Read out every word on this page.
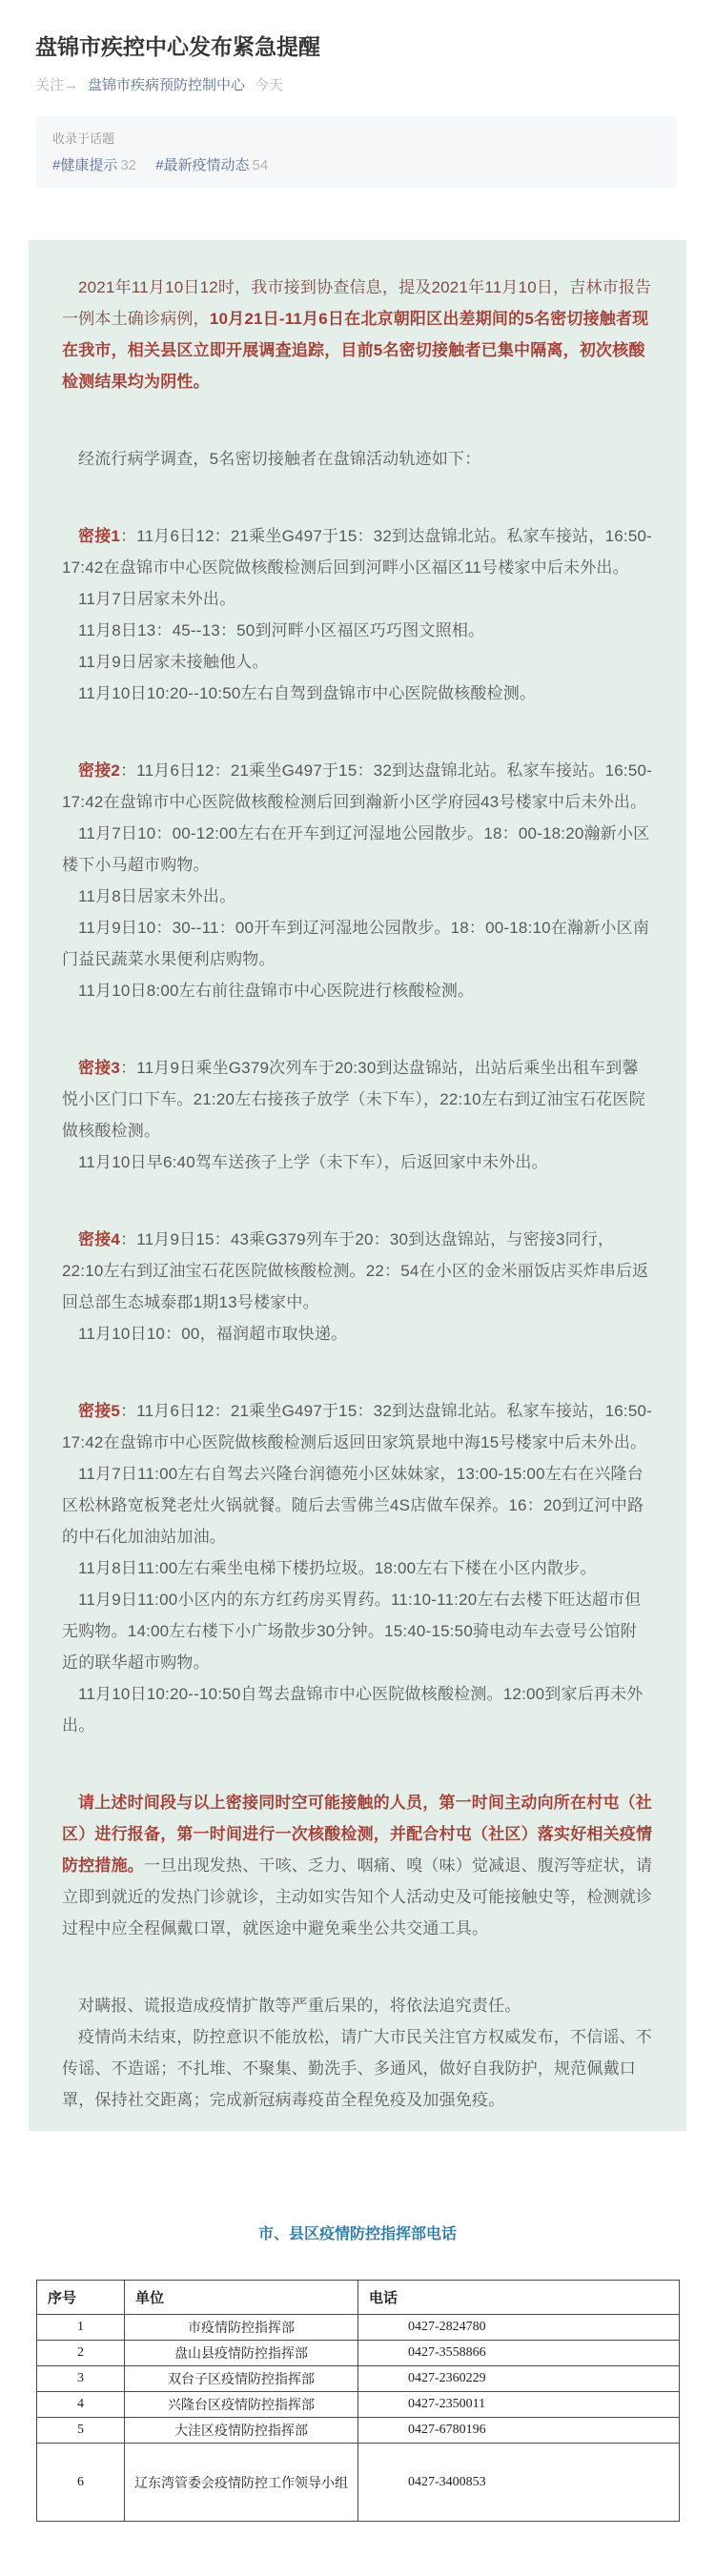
盘锦市疾控中心发布紧急提醒
关注→ 盘锦市疾病预防控制中心 今天
收录于话题
#健康提示 32 #最新疫情动态 54

2021年11月10日12时，我市接到协查信息，提及2021年11月10日，吉林市报告一例本土确诊病例，10月21日-11月6日在北京朝阳区出差期间的5名密切接触者现在我市，相关县区立即开展调查追踪，目前5名密切接触者已集中隔离，初次核酸检测结果均为阴性。

经流行病学调查，5名密切接触者在盘锦活动轨迹如下：

密接1：11月6日12：21乘坐G497于15：32到达盘锦北站。私家车接站，16:50-17:42在盘锦市中心医院做核酸检测后回到河畔小区福区11号楼家中后未外出。

11月7日居家未外出。

11月8日13：45--13：50到河畔小区福区巧巧图文照相。

11月9日居家未接触他人。

11月10日10:20--10:50左右自驾到盘锦市中心医院做核酸检测。

密接2：11月6日12：21乘坐G497于15：32到达盘锦北站。私家车接站。16:50-17:42在盘锦市中心医院做核酸检测后回到瀚新小区学府园43号楼家中后未外出。

11月7日10：00-12:00左右在开车到辽河湿地公园散步。18：00-18:20瀚新小区楼下小马超市购物。

11月8日居家未外出。

11月9日10：30--11：00开车到辽河湿地公园散步。18：00-18:10在瀚新小区南门益民蔬菜水果便利店购物。

11月10日8:00左右前往盘锦市中心医院进行核酸检测。

密接3：11月9日乘坐G379次列车于20:30到达盘锦站，出站后乘坐出租车到馨悦小区门口下车。21:20左右接孩子放学（未下车），22:10左右到辽油宝石花医院做核酸检测。

11月10日早6:40驾车送孩子上学（未下车），后返回家中未外出。

密接4：11月9日15：43乘G379列车于20：30到达盘锦站，与密接3同行，22:10左右到辽油宝石花医院做核酸检测。22：54在小区的金米丽饭店买炸串后返回总部生态城泰郡1期13号楼家中。

11月10日10：00，福润超市取快递。

密接5：11月6日12：21乘坐G497于15：32到达盘锦北站。私家车接站，16:50-17:42在盘锦市中心医院做核酸检测后返回田家筑景地中海15号楼家中后未外出。

11月7日11:00左右自驾去兴隆台润德苑小区妹妹家，13:00-15:00左右在兴隆台区松林路宽板凳老灶火锅就餐。随后去雪佛兰4S店做车保养。16：20到辽河中路的中石化加油站加油。

11月8日11:00左右乘坐电梯下楼扔垃圾。18:00左右下楼在小区内散步。

11月9日11:00小区内的东方红药房买胃药。11:10-11:20左右去楼下旺达超市但无购物。14:00左右楼下小广场散步30分钟。15:40-15:50骑电动车去壹号公馆附近的联华超市购物。

11月10日10:20--10:50自驾去盘锦市中心医院做核酸检测。12:00到家后再未外出。

请上述时间段与以上密接同时空可能接触的人员，第一时间主动向所在村屯（社区）进行报备，第一时间进行一次核酸检测，并配合村屯（社区）落实好相关疫情防控措施。一旦出现发热、干咳、乏力、咽痛、嗅（味）觉减退、腹泻等症状，请立即到就近的发热门诊就诊，主动如实告知个人活动史及可能接触史等，检测就诊过程中应全程佩戴口罩，就医途中避免乘坐公共交通工具。

对瞒报、谎报造成疫情扩散等严重后果的，将依法追究责任。

疫情尚未结束，防控意识不能放松，请广大市民关注官方权威发布，不信谣、不传谣、不造谣；不扎堆、不聚集、勤洗手、多通风，做好自我防护，规范佩戴口罩，保持社交距离；完成新冠病毒疫苗全程免疫及加强免疫。

市、县区疫情防控指挥部电话
序号	单位	电话
1	市疫情防控指挥部	0427-2824780
2	盘山县疫情防控指挥部	0427-3558866
3	双台子区疫情防控指挥部	0427-2360229
4	兴隆台区疫情防控指挥部	0427-2350011
5	大洼区疫情防控指挥部	0427-6780196
6	辽东湾管委会疫情防控工作领导小组	0427-3400853
